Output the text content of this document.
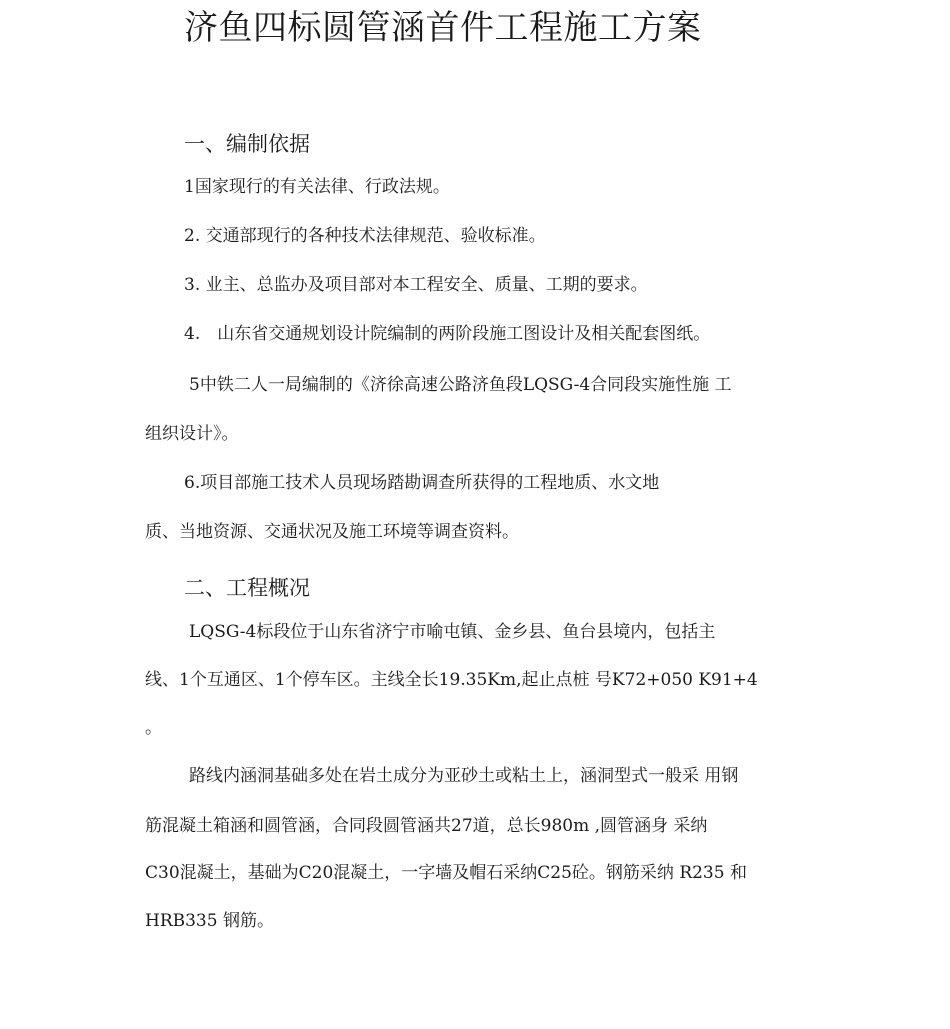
济鱼四标圆管涵首件工程施工方案
一、编制依据
1国家现行的有关法律、行政法规。
2. 交通部现行的各种技术法律规范、验收标准。
3. 业主、总监办及项目部对本工程安全、质量、工期的要求。
4.　山东省交通规划设计院编制的两阶段施工图设计及相关配套图纸。
5中铁二人一局编制的《济徐高速公路济鱼段LQSG-4合同段实施性施 工
组织设计》。
6.项目部施工技术人员现场踏勘调查所获得的工程地质、水文地
质、当地资源、交通状况及施工环境等调查资料。
二、工程概况
LQSG-4标段位于山东省济宁市喻屯镇、金乡县、鱼台县境内，包括主
线、1个互通区、1个停车区。主线全长19.35Km,起止点桩 号K72+050 K91+4
。
路线内涵洞基础多处在岩土成分为亚砂土或粘土上，涵洞型式一般采 用钢
筋混凝土箱涵和圆管涵，合同段圆管涵共27道，总长980m ,圆管涵身 采纳
C30混凝土，基础为C20混凝土，一字墙及帽石采纳C25砼。钢筋采纳 R235 和
HRB335 钢筋。
